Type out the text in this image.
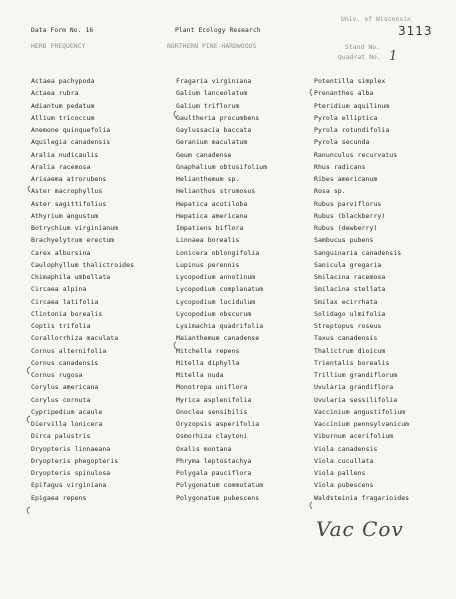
Data Form No. 16	Plant Ecology Research
Univ. of Wisconsin
HERB FREQUENCY	NORTHERN PINE-HARDWOODS	Stand No.
3113
Quadrat No. 1
Actaea pachypoda
Actaea rubra
Adiantum pedatum
Allium tricoccum
Anemone quinquefolia
Aquilegia canadensis
Aralia nudicaulis
Aralia racemosa
Arisaema atrorubens
Aster macrophyllus
Aster sagittifolius
Athyrium angustum
Botrychium virginianum
Brachyelytrum erectum
Carex albursina
Caulophyllum thalictroides
Chimaphila umbellata
Circaea alpina
Circaea latifolia
Clintonia borealis
Coptis trifolia
Corallorrhiza maculata
Cornus alternifolia
Cornus canadensis
Cornus rugosa
Corylus americana
Corylus cornuta
Cypripedium acaule
Diervilla lonicera
Dirca palustris
Dryopteris linnaeana
Dryopteris phegopteris
Dryopteris spinulosa
Epifagus virginiana
Epigaea repens
Fragaria virginiana
Galium lanceolatum
Galium triflorum
Gaultheria procumbens
Gaylussacia baccata
Geranium maculatum
Geum canadense
Gnaphalium obtusifolium
Helianthemum sp.
Helianthus strumosus
Hepatica acutiloba
Hepatica americana
Impatiens biflora
Linnaea borealis
Lonicera oblongifolia
Lupinus perennis
Lycopodium annotinum
Lycopodium complanatum
Lycopodium lucidulum
Lycopodium obscurum
Lysimachia quadrifolia
Maianthemum canadense
Mitchella repens
Mitella diphylla
Mitella nuda
Monotropa uniflora
Myrica asplenifolia
Onoclea sensibilis
Oryzopsis asperifolia
Osmorhiza claytoni
Oxalis montana
Phryma leptostachya
Polygala pauciflora
Polygonatum commutatum
Polygonatum pubescens
Potentilla simplex
Prenanthes alba
Pteridium aquilinum
Pyrola elliptica
Pyrola rotundifolia
Pyrola secunda
Ranunculus recurvatus
Rhus radicans
Ribes americanum
Rosa sp.
Rubus parviflorus
Rubus (blackberry)
Rubus (dewberry)
Sambucus pubens
Sanguinaria canadensis
Sanicula gregaria
Smilacina racemosa
Smilacina stellata
Smilax ecirrhata
Solidago ulmifolia
Streptopus roseus
Taxus canadensis
Thalictrum dioicum
Trientalis borealis
Trillium grandiflorum
Uvularia grandiflora
Uvularia sessilifolia
Vaccinium angustifolium
Vaccinium pennsylvanicum
Viburnum acerifolium
Viola canadensis
Viola cucullata
Viola pallens
Viola pubescens
Waldsteinia fragarioides
Vac Cov
